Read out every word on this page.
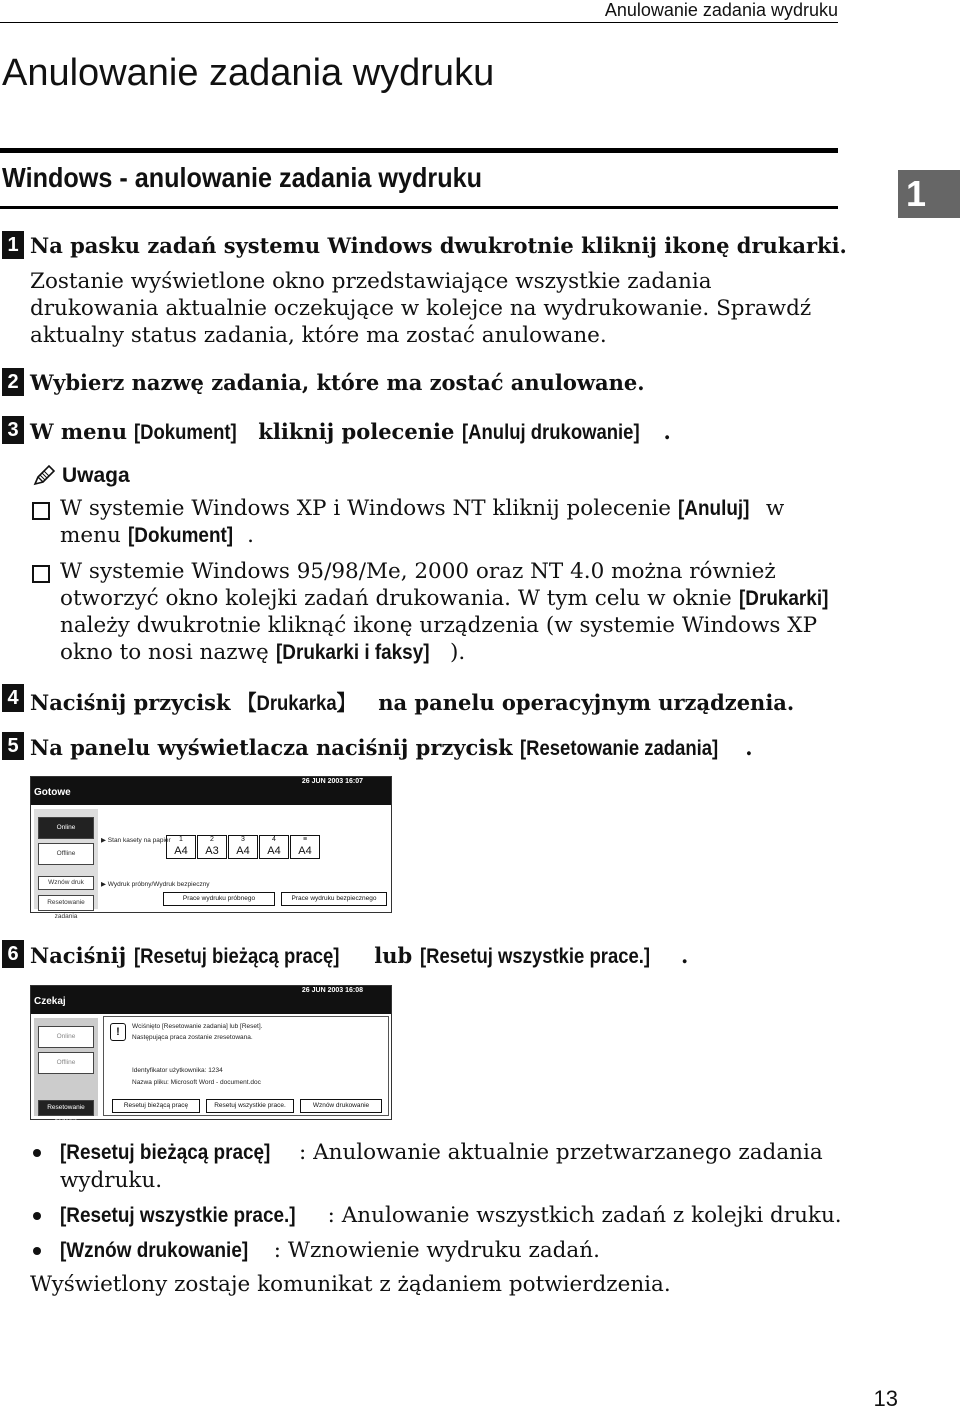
Anulowanie zadania wydruku
Anulowanie zadania wydruku
Windows - anulowanie zadania wydruku	1
1 Na pasku zadań systemu Windows dwukrotnie kliknij ikonę drukarki.
Zostanie wyświetlone okno przedstawiające wszystkie zadania drukowania aktualnie oczekujące w kolejce na wydrukowanie. Sprawdź aktualny status zadania, które ma zostać anulowane.
2 Wybierz nazwę zadania, które ma zostać anulowane.
3 W menu [Dokument] kliknij polecenie [Anuluj drukowanie] .
Uwaga
W systemie Windows XP i Windows NT kliknij polecenie [Anuluj] w menu [Dokument] .
W systemie Windows 95/98/Me, 2000 oraz NT 4.0 można również otworzyć okno kolejki zadań drukowania. W tym celu w oknie [Drukarki] należy dwukrotnie kliknąć ikonę urządzenia (w systemie Windows XP okno to nosi nazwę [Drukarki i faksy] ).
4 Naciśnij przycisk 【Drukarka】 na panelu operacyjnym urządzenia.
5 Na panelu wyświetlacza naciśnij przycisk [Resetowanie zadania] .
Gotowe
26 JUN 2003 16:07
Online
Offline
Wznów druk
Resetowanie zadania
▶ Stan kasety na papier	1
A4
2
A3
3
A4
4
A4
≡
A4
▶ Wydruk próbny/Wydruk bezpieczny
Prace wydruku próbnego	Prace wydruku bezpiecznego
6 Naciśnij [Resetuj bieżącą pracę] lub [Resetuj wszystkie prace.] .
Czekaj
26 JUN 2003 16:08
Online
Offline
Resetowanie zadania
!	Wciśnięto [Resetowanie zadania] lub [Reset].
Następująca praca zostanie zresetowana.
Identyfikator użytkownika: 1234
Nazwa pliku: Microsoft Word - document.doc
Resetuj bieżącą pracę	Resetuj wszystkie prace.	Wznów drukowanie
[Resetuj bieżącą pracę] : Anulowanie aktualnie przetwarzanego zadania wydruku.
[Resetuj wszystkie prace.] : Anulowanie wszystkich zadań z kolejki druku.
[Wznów drukowanie] : Wznowienie wydruku zadań.
Wyświetlony zostaje komunikat z żądaniem potwierdzenia.
13
